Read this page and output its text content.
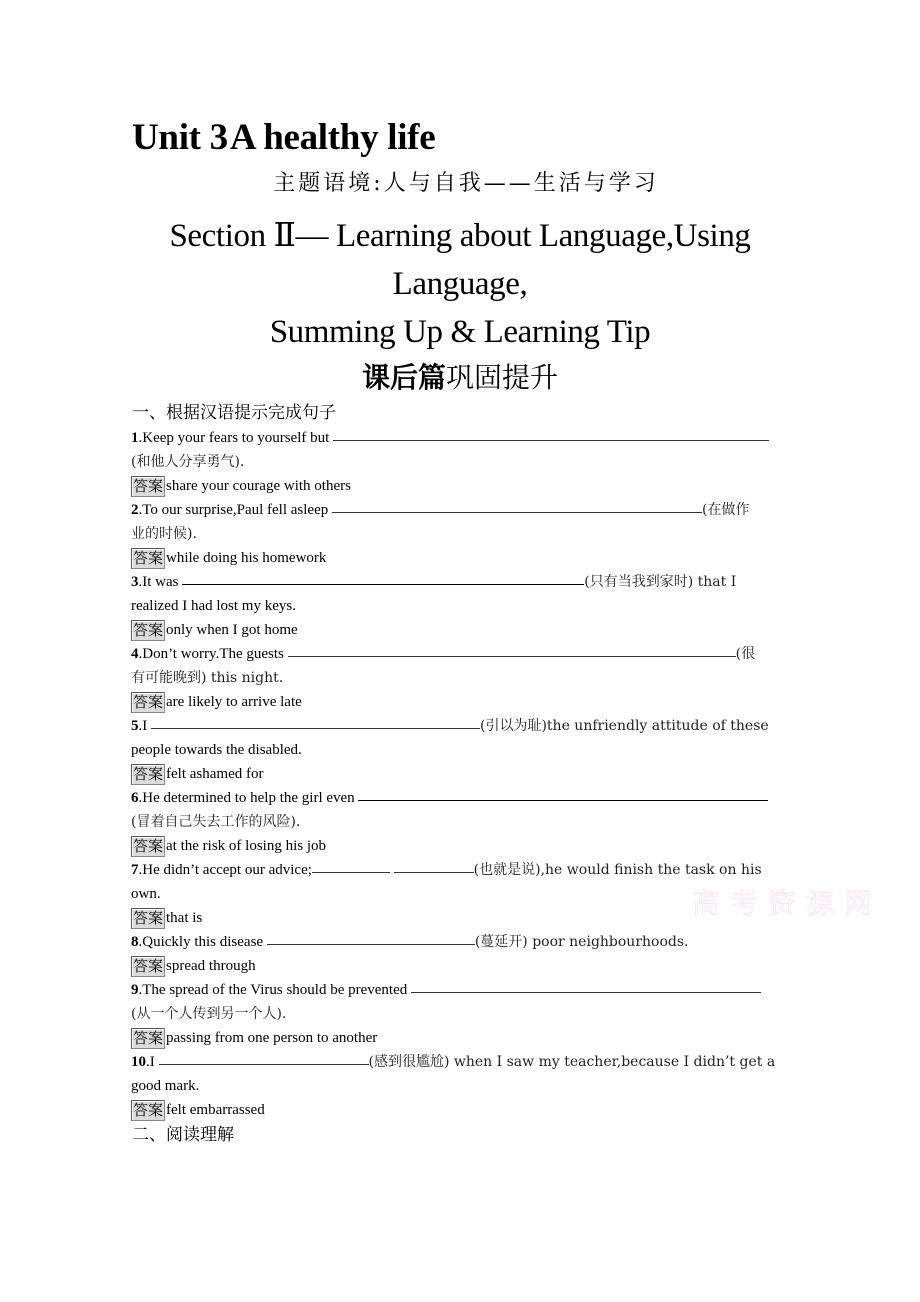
Unit 3A healthy life
主题语境:人与自我——生活与学习
Section Ⅱ— Learning about Language,Using
Language,
Summing Up & Learning Tip
课后篇巩固提升
一、根据汉语提示完成句子
1.Keep your fears to yourself but
(和他人分享勇气).
答案 share your courage with others
2.To our surprise,Paul fell asleep	(在做作
业的时候).
答案 while doing his homework
3.It was	(只有当我到家时) that I
realized I had lost my keys.
答案 only when I got home
4.Don’t worry.The guests	(很
有可能晚到) this night.
答案 are likely to arrive late
5.I	(引以为耻)the unfriendly attitude of these
people towards the disabled.
答案 felt ashamed for
6.He determined to help the girl even
(冒着自己失去工作的风险).
答案 at the risk of losing his job
7.He didn’t accept our advice;	(也就是说),he would finish the task on his
own.
答案 that is
8.Quickly this disease	(蔓延开) poor neighbourhoods.
答案 spread through
9.The spread of the Virus should be prevented
(从一个人传到另一个人).
答案 passing from one person to another
10.I	(感到很尴尬) when I saw my teacher,because I didn’t get a
good mark.
答案 felt embarrassed
二、阅读理解
高考资源网
